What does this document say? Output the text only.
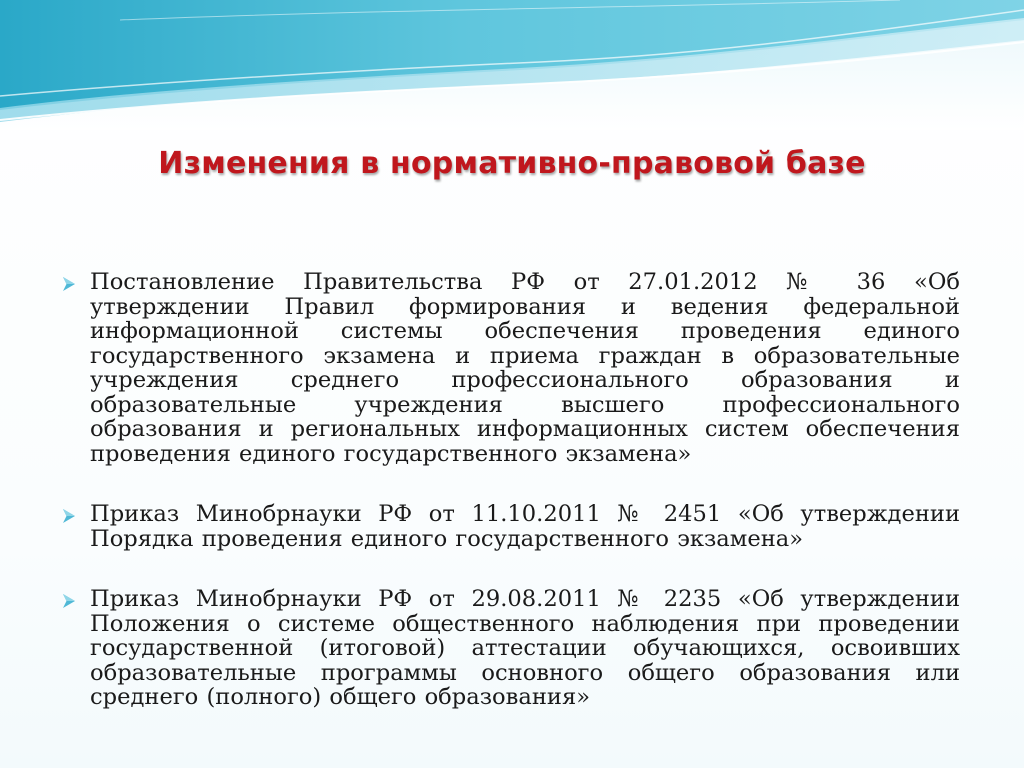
Изменения в нормативно-правовой базе
Постановление Правительства РФ от 27.01.2012 № 36 «Об утверждении Правил формирования и ведения федеральной информационной системы обеспечения проведения единого государственного экзамена и приема граждан в образовательные учреждения среднего профессионального образования и образовательные учреждения высшего профессионального образования и региональных информационных систем обеспечения проведения единого государственного экзамена»
Приказ Минобрнауки РФ от 11.10.2011 № 2451 «Об утверждении Порядка проведения единого государственного экзамена»
Приказ Минобрнауки РФ от 29.08.2011 № 2235 «Об утверждении Положения о системе общественного наблюдения при проведении государственной (итоговой) аттестации обучающихся, освоивших образовательные программы основного общего образования или среднего (полного) общего образования»
